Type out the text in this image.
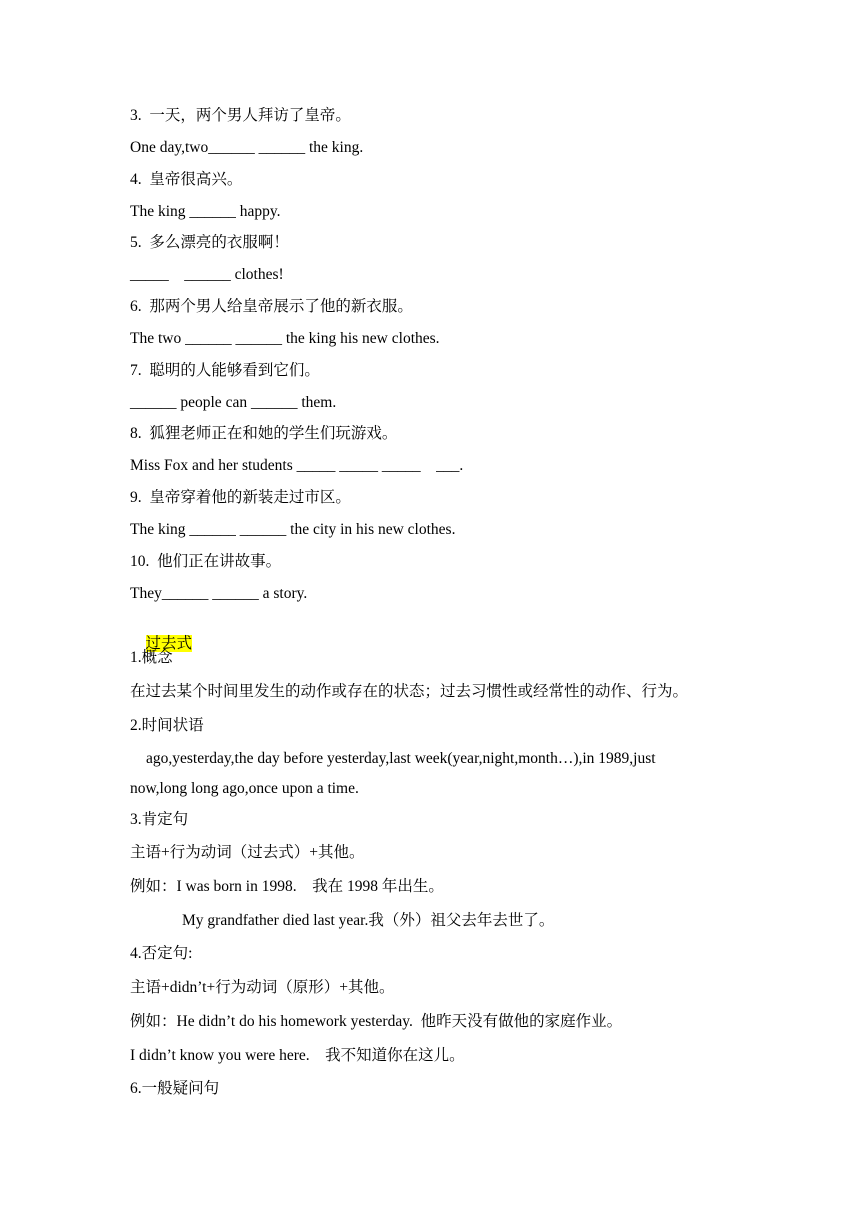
3.  一天，两个男人拜访了皇帝。
One day,two______ ______ the king.
4.  皇帝很高兴。
The king ______ happy.
5.  多么漂亮的衣服啊！
_____    ______ clothes!
6.  那两个男人给皇帝展示了他的新衣服。
The two ______ ______ the king his new clothes.
7.  聪明的人能够看到它们。
______ people can ______ them.
8.  狐狸老师正在和她的学生们玩游戏。
Miss Fox and her students _____ _____ _____    ___.
9.  皇帝穿着他的新装走过市区。
The king ______ ______ the city in his new clothes.
10.  他们正在讲故事。
They______ ______ a story.

过去式

1.概念
在过去某个时间里发生的动作或存在的状态；过去习惯性或经常性的动作、行为。
2.时间状语
ago,yesterday,the day before yesterday,last week(year,night,month…),in 1989,just
now,long long ago,once upon a time.
3.肯定句
主语+行为动词（过去式）+其他。
例如：I was born in 1998.    我在 1998 年出生。
My grandfather died last year.我（外）祖父去年去世了。
4.否定句:
主语+didn’t+行为动词（原形）+其他。
例如：He didn’t do his homework yesterday.  他昨天没有做他的家庭作业。
I didn’t know you were here.    我不知道你在这儿。
6.一般疑问句
